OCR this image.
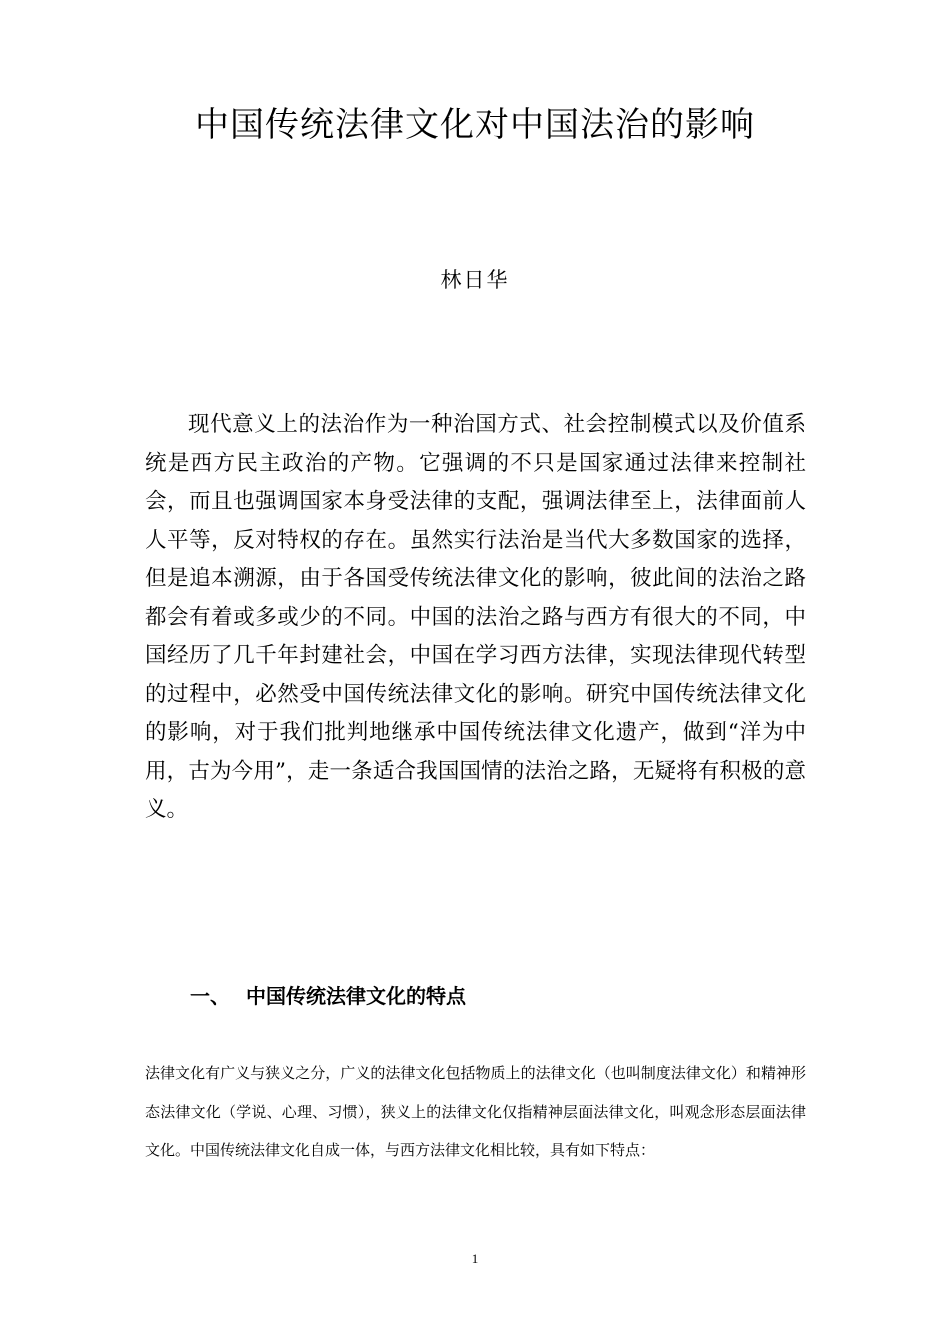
中国传统法律文化对中国法治的影响
林日华

现代意义上的法治作为一种治国方式、社会控制模式以及价值系统是西方民主政治的产物。它强调的不只是国家通过法律来控制社会，而且也强调国家本身受法律的支配，强调法律至上，法律面前人人平等，反对特权的存在。虽然实行法治是当代大多数国家的选择，但是追本溯源，由于各国受传统法律文化的影响，彼此间的法治之路都会有着或多或少的不同。中国的法治之路与西方有很大的不同，中国经历了几千年封建社会，中国在学习西方法律，实现法律现代转型的过程中，必然受中国传统法律文化的影响。研究中国传统法律文化的影响，对于我们批判地继承中国传统法律文化遗产，做到“洋为中用，古为今用”，走一条适合我国国情的法治之路，无疑将有积极的意义。

一、 中国传统法律文化的特点

法律文化有广义与狭义之分，广义的法律文化包括物质上的法律文化（也叫制度法律文化）和精神形态法律文化（学说、心理、习惯），狭义上的法律文化仅指精神层面法律文化，叫观念形态层面法律文化。中国传统法律文化自成一体，与西方法律文化相比较，具有如下特点：

1
